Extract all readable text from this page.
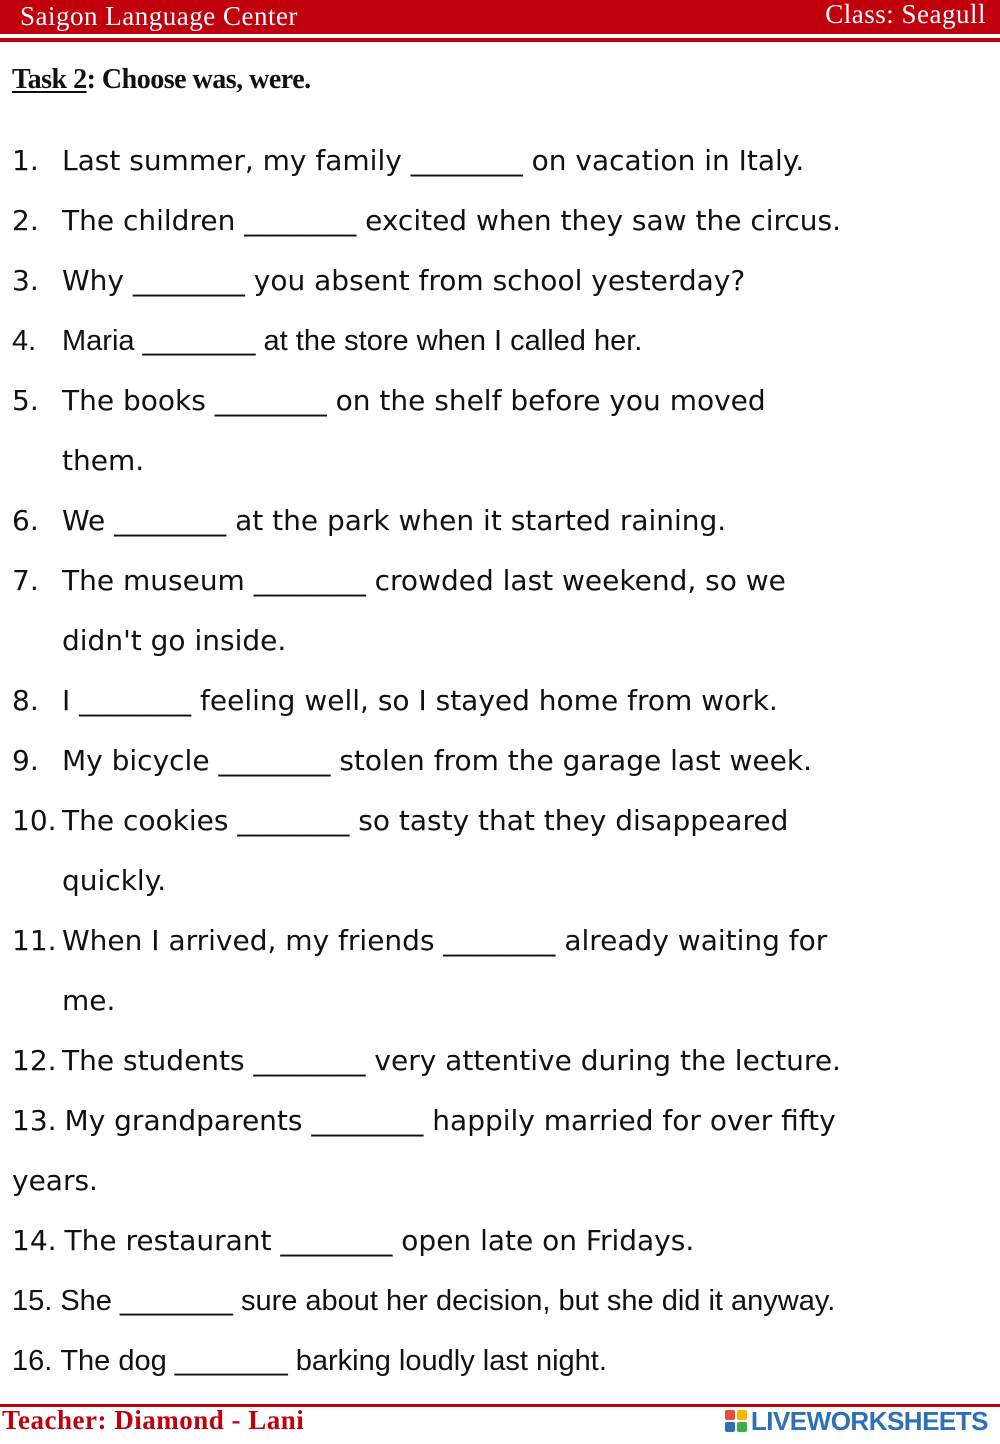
Saigon Language Center	Class: Seagull
Task 2: Choose was, were.
1. Last summer, my family ________ on vacation in Italy.
2. The children ________ excited when they saw the circus.
3. Why ________ you absent from school yesterday?
4. Maria _______ at the store when I called her.
5. The books ________ on the shelf before you moved
them.
6. We ________ at the park when it started raining.
7. The museum ________ crowded last weekend, so we
didn't go inside.
8. I ________ feeling well, so I stayed home from work.
9. My bicycle ________ stolen from the garage last week.
10. The cookies ________ so tasty that they disappeared
quickly.
11. When I arrived, my friends ________ already waiting for
me.
12. The students ________ very attentive during the lecture.
13. My grandparents ________ happily married for over fifty
years.
14. The restaurant ________ open late on Fridays.
15. She _______ sure about her decision, but she did it anyway.
16. The dog _______ barking loudly last night.
Teacher: Diamond - Lani	LIVEWORKSHEETS
